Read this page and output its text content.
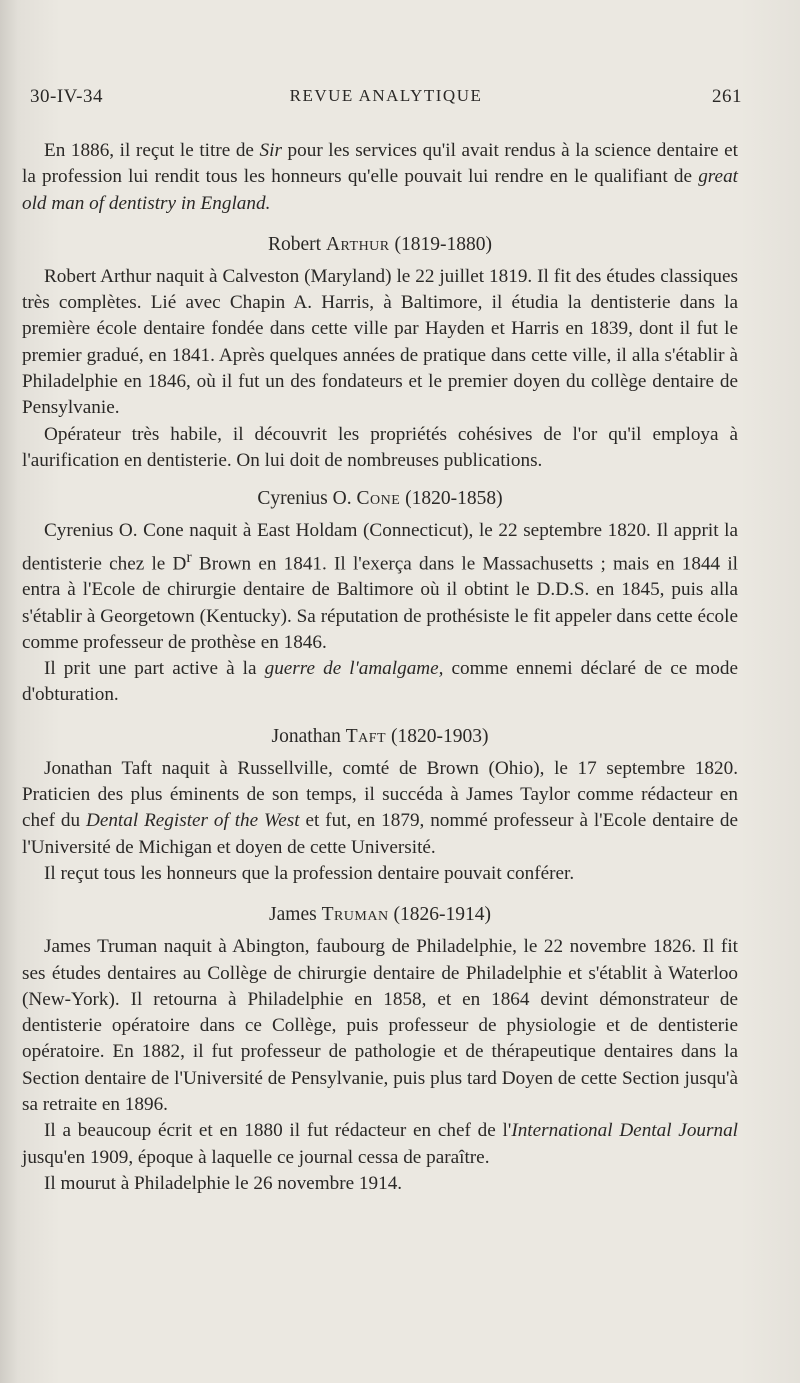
30-IV-34	REVUE ANALYTIQUE	261

En 1886, il reçut le titre de Sir pour les services qu'il avait rendus à la science dentaire et la profession lui rendit tous les honneurs qu'elle pouvait lui rendre en le qualifiant de great old man of dentistry in England.

Robert Arthur (1819-1880)

Robert Arthur naquit à Calveston (Maryland) le 22 juillet 1819. Il fit des études classiques très complètes. Lié avec Chapin A. Harris, à Baltimore, il étudia la dentisterie dans la première école dentaire fondée dans cette ville par Hayden et Harris en 1839, dont il fut le premier gradué, en 1841. Après quelques années de pratique dans cette ville, il alla s'établir à Philadelphie en 1846, où il fut un des fondateurs et le premier doyen du collège dentaire de Pensylvanie.

Opérateur très habile, il découvrit les propriétés cohésives de l'or qu'il employa à l'aurification en dentisterie. On lui doit de nombreuses publications.

Cyrenius O. Cone (1820-1858)

Cyrenius O. Cone naquit à East Holdam (Connecticut), le 22 septembre 1820. Il apprit la dentisterie chez le $D^r$ Brown en 1841. Il l'exerça dans le Massachusetts ; mais en 1844 il entra à l'Ecole de chirurgie dentaire de Baltimore où il obtint le D.D.S. en 1845, puis alla s'établir à Georgetown (Kentucky). Sa réputation de prothésiste le fit appeler dans cette école comme professeur de prothèse en 1846.

Il prit une part active à la guerre de l'amalgame, comme ennemi déclaré de ce mode d'obturation.

Jonathan Taft (1820-1903)

Jonathan Taft naquit à Russellville, comté de Brown (Ohio), le 17 septembre 1820. Praticien des plus éminents de son temps, il succéda à James Taylor comme rédacteur en chef du Dental Register of the West et fut, en 1879, nommé professeur à l'Ecole dentaire de l'Université de Michigan et doyen de cette Université.

Il reçut tous les honneurs que la profession dentaire pouvait conférer.

James Truman (1826-1914)

James Truman naquit à Abington, faubourg de Philadelphie, le 22 novembre 1826. Il fit ses études dentaires au Collège de chirurgie dentaire de Philadelphie et s'établit à Waterloo (New-York). Il retourna à Philadelphie en 1858, et en 1864 devint démonstrateur de dentisterie opératoire dans ce Collège, puis professeur de physiologie et de dentisterie opératoire. En 1882, il fut professeur de pathologie et de thérapeutique dentaires dans la Section dentaire de l'Université de Pensylvanie, puis plus tard Doyen de cette Section jusqu'à sa retraite en 1896.

Il a beaucoup écrit et en 1880 il fut rédacteur en chef de l'International Dental Journal jusqu'en 1909, époque à laquelle ce journal cessa de paraître.

Il mourut à Philadelphie le 26 novembre 1914.
